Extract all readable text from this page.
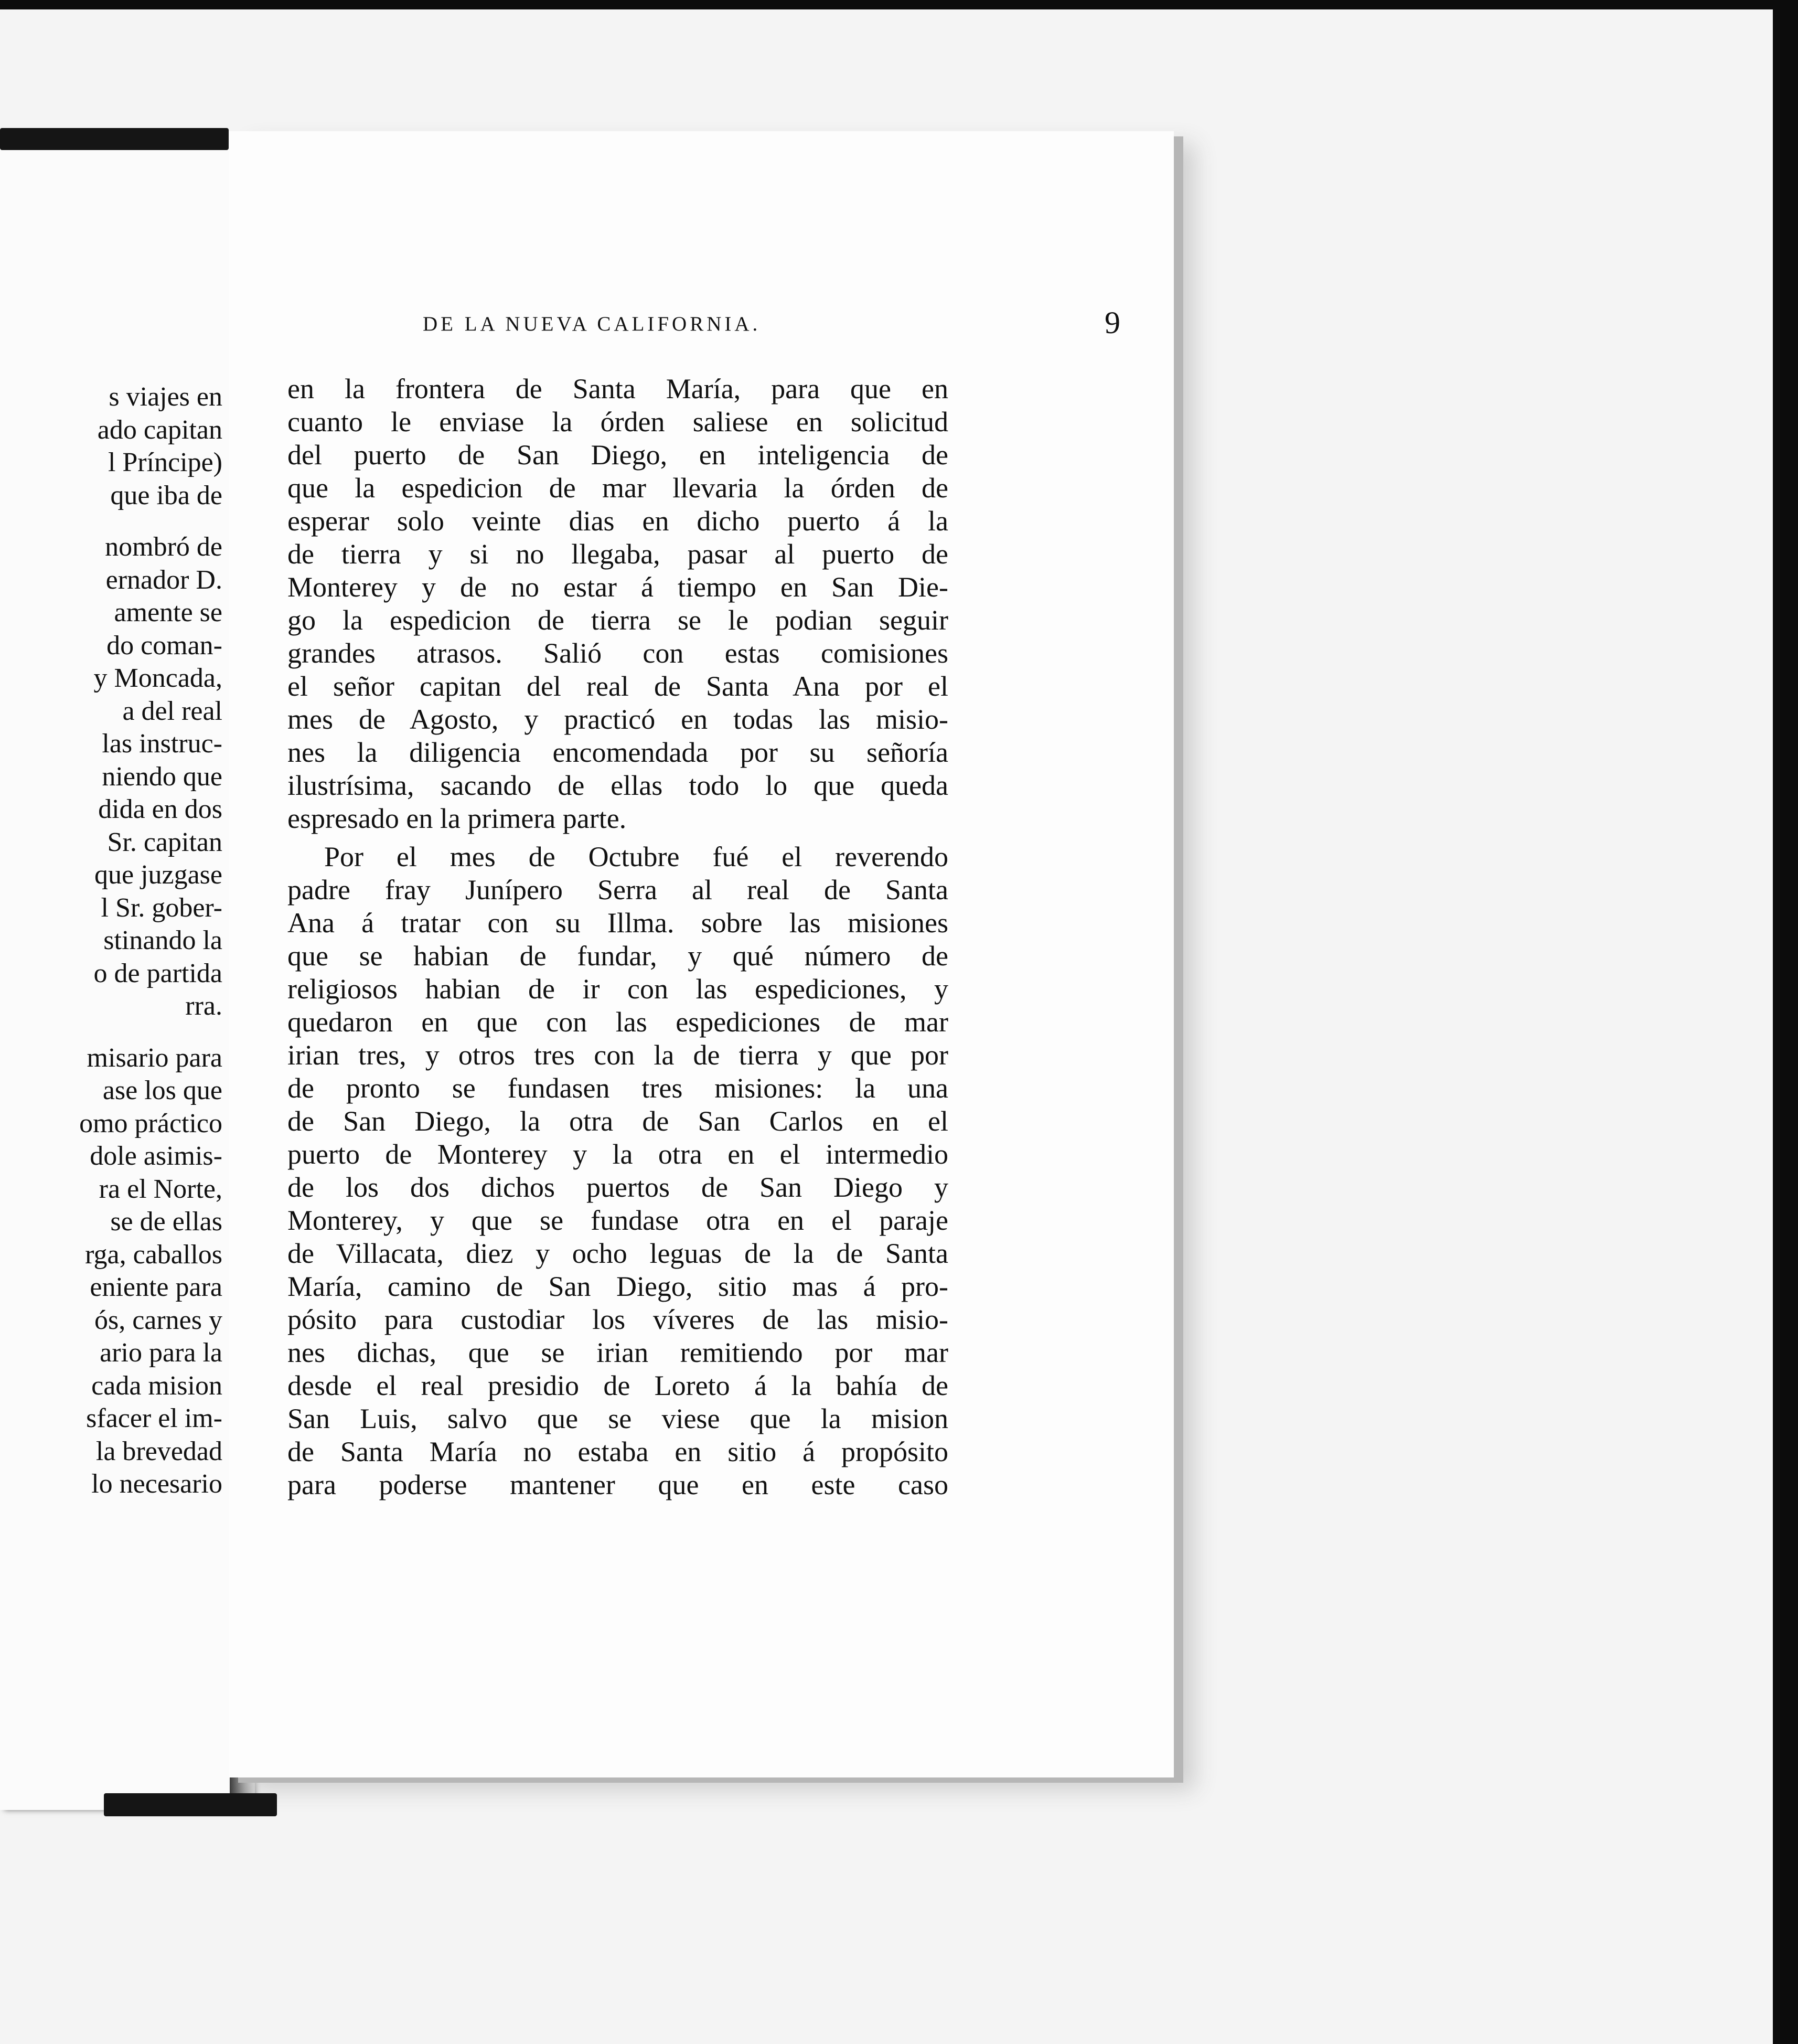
s viajes en
ado capitan
l Príncipe)
que iba de
nombró de
ernador D.
amente se
do coman-
y Moncada,
a del real
las instruc-
niendo que
dida en dos
Sr. capitan
que juzgase
l Sr. gober-
stinando la
o de partida
rra.
misario para
ase los que
omo práctico
dole asimis-
ra el Norte,
se de ellas
rga, caballos
eniente para
ós, carnes y
ario para la
cada mision
sfacer el im-
la brevedad
lo necesario
DE LA NUEVA CALIFORNIA.	9
en la frontera de Santa María, para que en
cuanto le enviase la órden saliese en solicitud
del puerto de San Diego, en inteligencia de
que la espedicion de mar llevaria la órden de
esperar solo veinte dias en dicho puerto á la
de tierra y si no llegaba, pasar al puerto de
Monterey y de no estar á tiempo en San Die-
go la espedicion de tierra se le podian seguir
grandes atrasos. Salió con estas comisiones
el señor capitan del real de Santa Ana por el
mes de Agosto, y practicó en todas las misio-
nes la diligencia encomendada por su señoría
ilustrísima, sacando de ellas todo lo que queda
espresado en la primera parte.
Por el mes de Octubre fué el reverendo
padre fray Junípero Serra al real de Santa
Ana á tratar con su Illma. sobre las misiones
que se habian de fundar, y qué número de
religiosos habian de ir con las espediciones, y
quedaron en que con las espediciones de mar
irian tres, y otros tres con la de tierra y que por
de pronto se fundasen tres misiones: la una
de San Diego, la otra de San Carlos en el
puerto de Monterey y la otra en el intermedio
de los dos dichos puertos de San Diego y
Monterey, y que se fundase otra en el paraje
de Villacata, diez y ocho leguas de la de Santa
María, camino de San Diego, sitio mas á pro-
pósito para custodiar los víveres de las misio-
nes dichas, que se irian remitiendo por mar
desde el real presidio de Loreto á la bahía de
San Luis, salvo que se viese que la mision
de Santa María no estaba en sitio á propósito
para poderse mantener que en este caso
